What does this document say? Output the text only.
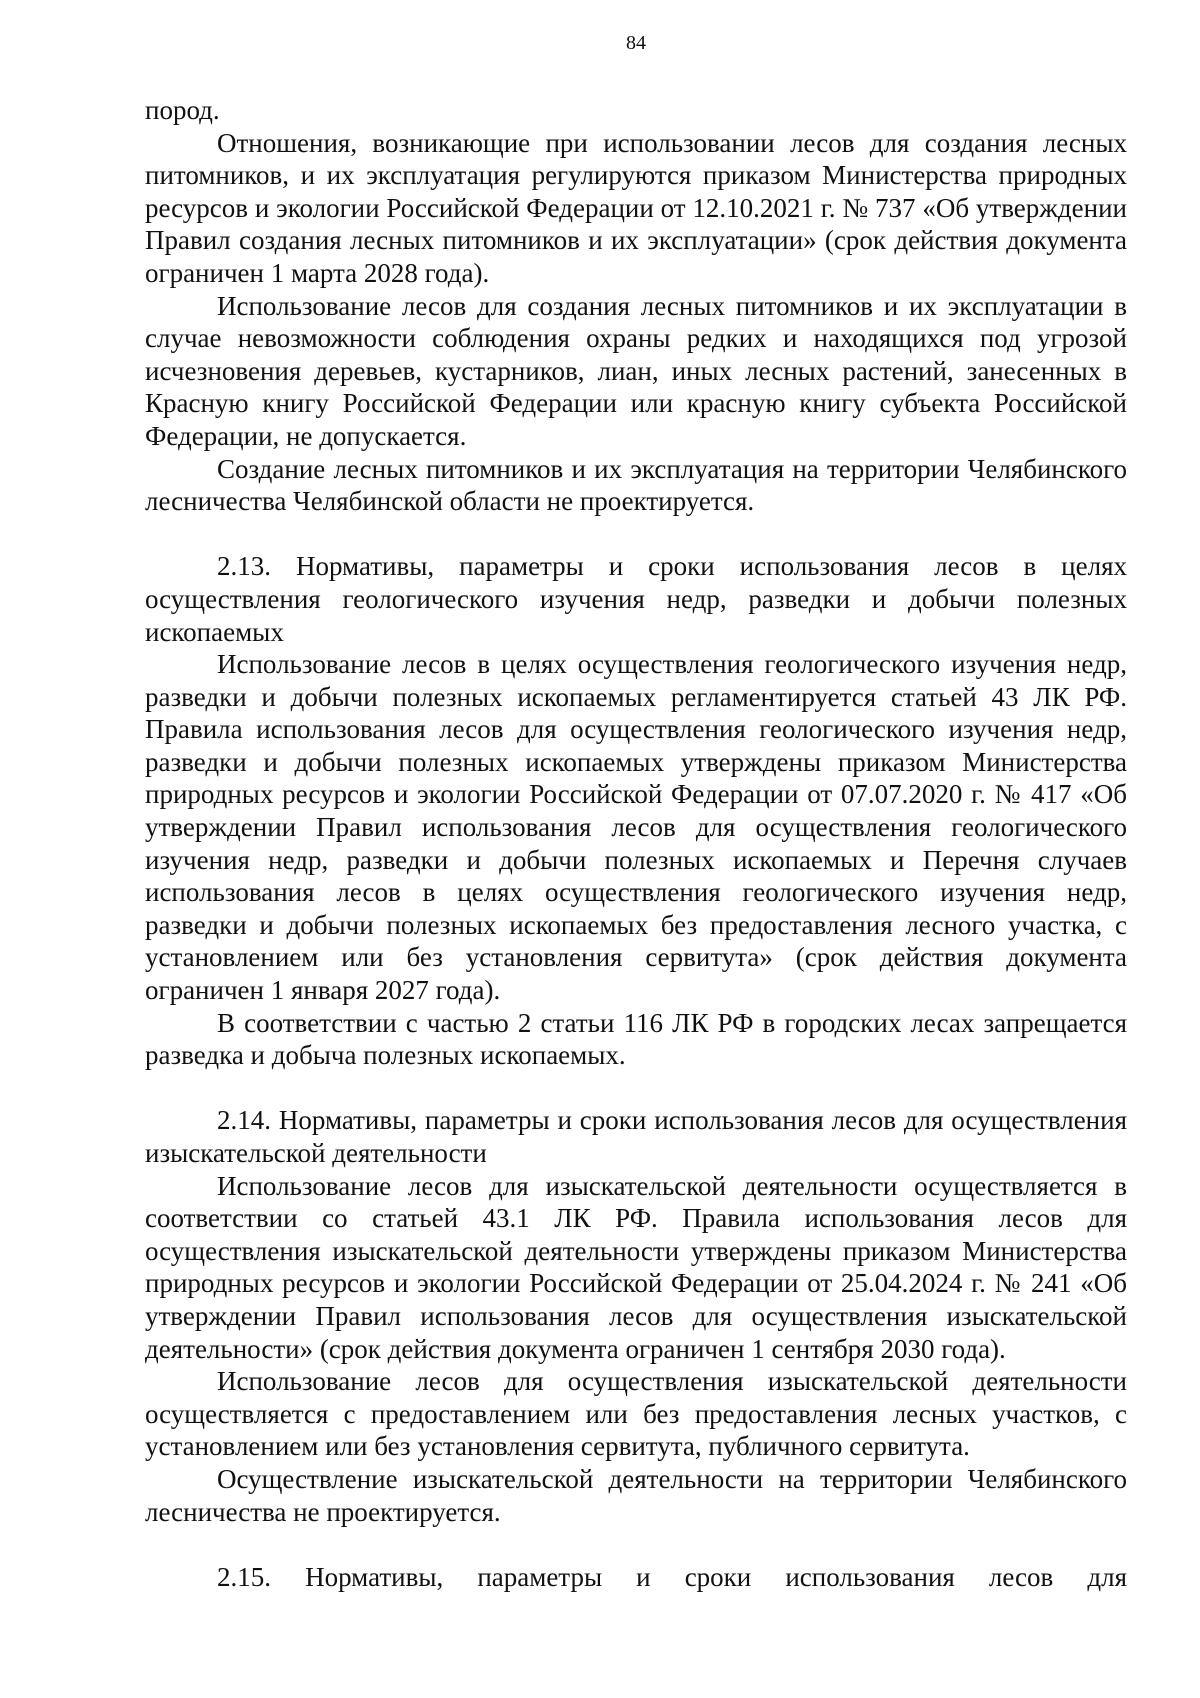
84

пород.

Отношения, возникающие при использовании лесов для создания лесных питомников, и их эксплуатация регулируются приказом Министерства природных ресурсов и экологии Российской Федерации от 12.10.2021 г. № 737 «Об утверждении Правил создания лесных питомников и их эксплуатации» (срок действия документа ограничен 1 марта 2028 года).

Использование лесов для создания лесных питомников и их эксплуатации в случае невозможности соблюдения охраны редких и находящихся под угрозой исчезновения деревьев, кустарников, лиан, иных лесных растений, занесенных в Красную книгу Российской Федерации или красную книгу субъекта Российской Федерации, не допускается.

Создание лесных питомников и их эксплуатация на территории Челябинского лесничества Челябинской области не проектируется.

2.13. Нормативы, параметры и сроки использования лесов в целях осуществления геологического изучения недр, разведки и добычи полезных ископаемых

Использование лесов в целях осуществления геологического изучения недр, разведки и добычи полезных ископаемых регламентируется статьей 43 ЛК РФ. Правила использования лесов для осуществления геологического изучения недр, разведки и добычи полезных ископаемых утверждены приказом Министерства природных ресурсов и экологии Российской Федерации от 07.07.2020 г. № 417 «Об утверждении Правил использования лесов для осуществления геологического изучения недр, разведки и добычи полезных ископаемых и Перечня случаев использования лесов в целях осуществления геологического изучения недр, разведки и добычи полезных ископаемых без предоставления лесного участка, с установлением или без установления сервитута» (срок действия документа ограничен 1 января 2027 года).

В соответствии с частью 2 статьи 116 ЛК РФ в городских лесах запрещается разведка и добыча полезных ископаемых.

2.14. Нормативы, параметры и сроки использования лесов для осуществления изыскательской деятельности

Использование лесов для изыскательской деятельности осуществляется в соответствии со статьей 43.1 ЛК РФ. Правила использования лесов для осуществления изыскательской деятельности утверждены приказом Министерства природных ресурсов и экологии Российской Федерации от 25.04.2024 г. № 241 «Об утверждении Правил использования лесов для осуществления изыскательской деятельности» (срок действия документа ограничен 1 сентября 2030 года).

Использование лесов для осуществления изыскательской деятельности осуществляется с предоставлением или без предоставления лесных участков, с установлением или без установления сервитута, публичного сервитута.

Осуществление изыскательской деятельности на территории Челябинского лесничества не проектируется.

2.15. Нормативы, параметры и сроки использования лесов для
